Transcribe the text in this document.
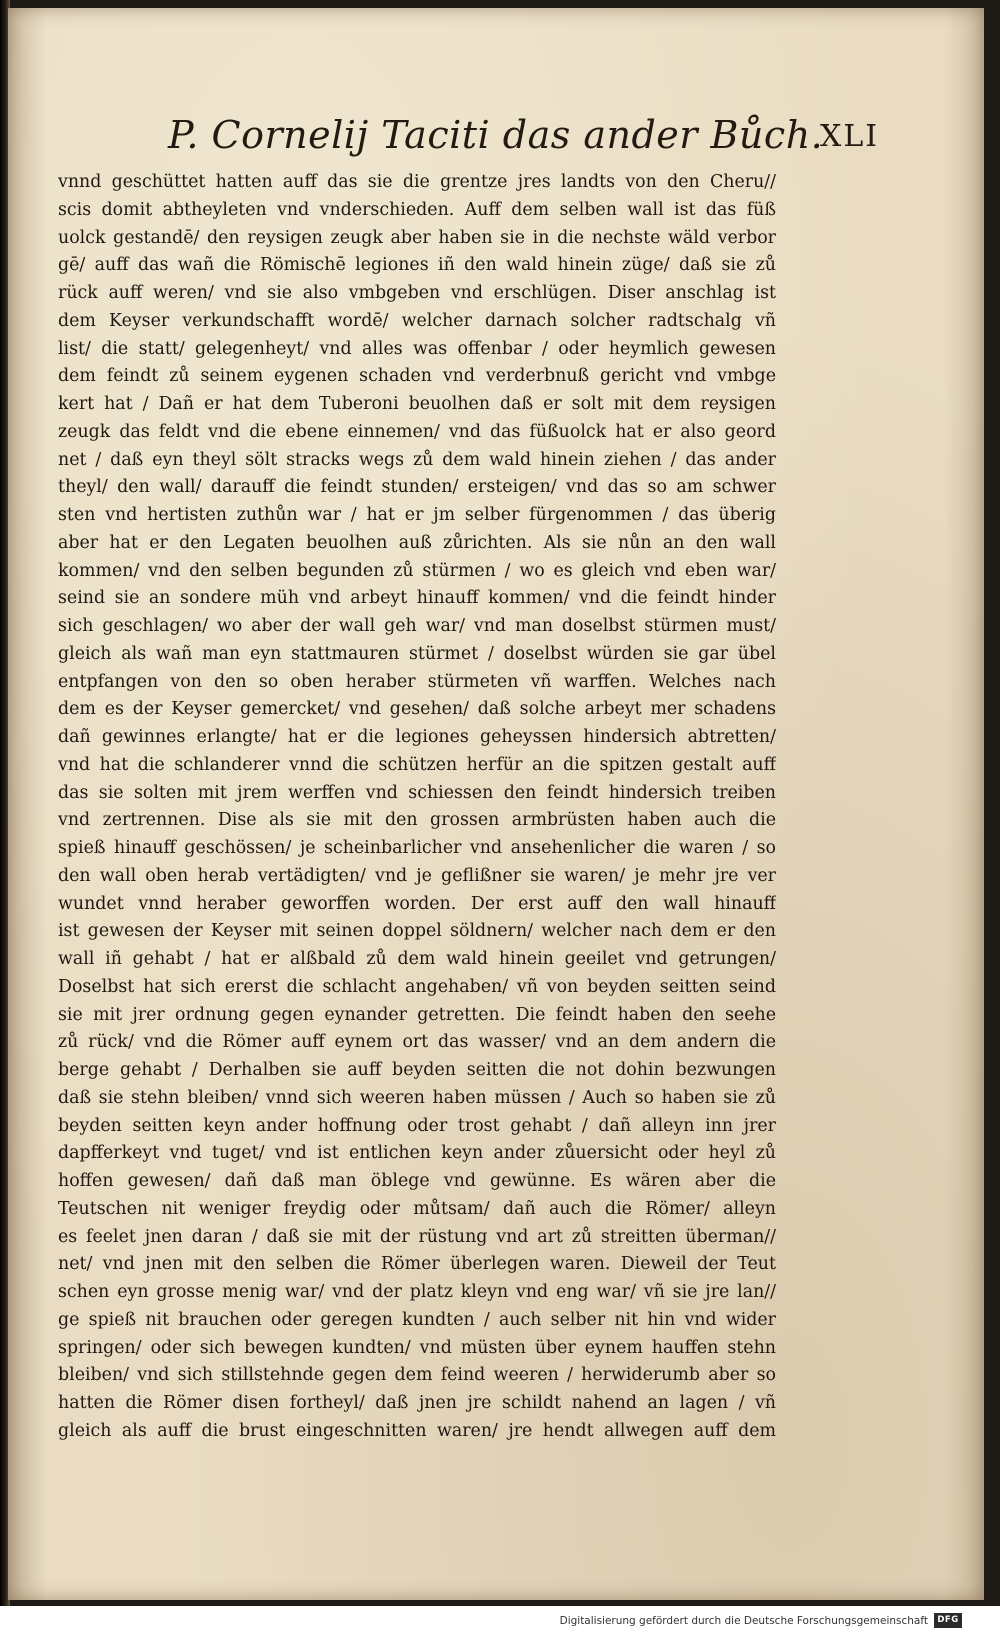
P. Cornelij Taciti das ander Bůch.
XLI
vnnd geschüttet hatten auff das sie die grentze jres landts von den Cheru//
scis domit abtheyleten vnd vnderschieden. Auff dem selben wall ist das füß
uolck gestandē/ den reysigen zeugk aber haben sie in die nechste wäld verbor
gē/ auff das wañ die Römischē legiones iñ den wald hinein züge/ daß sie zů
rück auff weren/ vnd sie also vmbgeben vnd erschlügen. Diser anschlag ist
dem Keyser verkundschafft wordē/ welcher darnach solcher radtschalg vñ
list/ die statt/ gelegenheyt/ vnd alles was offenbar / oder heymlich gewesen
dem feindt zů seinem eygenen schaden vnd verderbnuß gericht vnd vmbge
kert hat / Dañ er hat dem Tuberoni beuolhen daß er solt mit dem reysigen
zeugk das feldt vnd die ebene einnemen/ vnd das füßuolck hat er also geord
net / daß eyn theyl sölt stracks wegs zů dem wald hinein ziehen / das ander
theyl/ den wall/ darauff die feindt stunden/ ersteigen/ vnd das so am schwer
sten vnd hertisten zuthůn war / hat er jm selber fürgenommen / das überig
aber hat er den Legaten beuolhen auß zůrichten. Als sie nůn an den wall
kommen/ vnd den selben begunden zů stürmen / wo es gleich vnd eben war/
seind sie an sondere müh vnd arbeyt hinauff kommen/ vnd die feindt hinder
sich geschlagen/ wo aber der wall geh war/ vnd man doselbst stürmen must/
gleich als wañ man eyn stattmauren stürmet / doselbst würden sie gar übel
entpfangen von den so oben heraber stürmeten vñ warffen. Welches nach
dem es der Keyser gemercket/ vnd gesehen/ daß solche arbeyt mer schadens
dañ gewinnes erlangte/ hat er die legiones geheyssen hindersich abtretten/
vnd hat die schlanderer vnnd die schützen herfür an die spitzen gestalt auff
das sie solten mit jrem werffen vnd schiessen den feindt hindersich treiben
vnd zertrennen. Dise als sie mit den grossen armbrüsten haben auch die
spieß hinauff geschössen/ je scheinbarlicher vnd ansehenlicher die waren / so
den wall oben herab vertädigten/ vnd je geflißner sie waren/ je mehr jre ver
wundet vnnd heraber geworffen worden. Der erst auff den wall hinauff
ist gewesen der Keyser mit seinen doppel söldnern/ welcher nach dem er den
wall iñ gehabt / hat er alßbald zů dem wald hinein geeilet vnd getrungen/
Doselbst hat sich ererst die schlacht angehaben/ vñ von beyden seitten seind
sie mit jrer ordnung gegen eynander getretten. Die feindt haben den seehe
zů rück/ vnd die Römer auff eynem ort das wasser/ vnd an dem andern die
berge gehabt / Derhalben sie auff beyden seitten die not dohin bezwungen
daß sie stehn bleiben/ vnnd sich weeren haben müssen / Auch so haben sie zů
beyden seitten keyn ander hoffnung oder trost gehabt / dañ alleyn inn jrer
dapfferkeyt vnd tuget/ vnd ist entlichen keyn ander zůuersicht oder heyl zů
hoffen gewesen/ dañ daß man öblege vnd gewünne. Es wären aber die
Teutschen nit weniger freydig oder můtsam/ dañ auch die Römer/ alleyn
es feelet jnen daran / daß sie mit der rüstung vnd art zů streitten überman//
net/ vnd jnen mit den selben die Römer überlegen waren. Dieweil der Teut
schen eyn grosse menig war/ vnd der platz kleyn vnd eng war/ vñ sie jre lan//
ge spieß nit brauchen oder geregen kundten / auch selber nit hin vnd wider
springen/ oder sich bewegen kundten/ vnd müsten über eynem hauffen stehn
bleiben/ vnd sich stillstehnde gegen dem feind weeren / herwiderumb aber so
hatten die Römer disen fortheyl/ daß jnen jre schildt nahend an lagen / vñ
gleich als auff die brust eingeschnitten waren/ jre hendt allwegen auff dem
Digitalisierung gefördert durch die Deutsche Forschungsgemeinschaft	DFG
